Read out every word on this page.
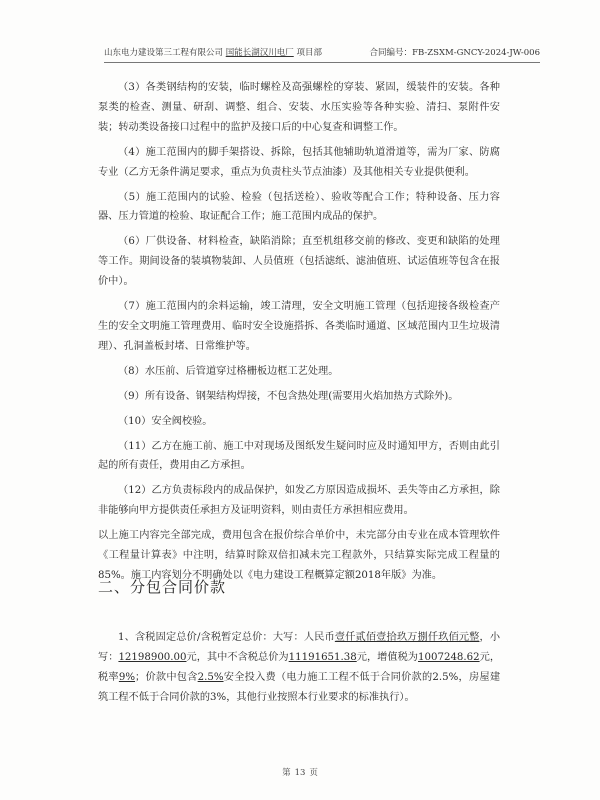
山东电力建设第三工程有限公司 国能长湖汉川电厂 项目部	合同编号：FB-ZSXM-GNCY-2024-JW-006

（3）各类钢结构的安装，临时螺栓及高强螺栓的穿装、紧固，缓装件的安装。各种泵类的检查、测量、研刮、调整、组合、安装、水压实验等各种实验、清扫、泵附件安装；转动类设备接口过程中的监护及接口后的中心复查和调整工作。

（4）施工范围内的脚手架搭设、拆除，包括其他辅助轨道滑道等，需为厂家、防腐专业（乙方无条件满足要求，重点为负责柱头节点油漆）及其他相关专业提供便利。

（5）施工范围内的试验、检验（包括送检）、验收等配合工作；特种设备、压力容器、压力管道的检验、取证配合工作；施工范围内成品的保护。

（6）厂供设备、材料检查，缺陷消除；直至机组移交前的修改、变更和缺陷的处理等工作。期间设备的装填物装卸、人员值班（包括滤纸、滤油值班、试运值班等包含在报价中）。

（7）施工范围内的余料运输，竣工清理，安全文明施工管理（包括迎接各级检查产生的安全文明施工管理费用、临时安全设施搭拆、各类临时通道、区域范围内卫生垃圾清理）、孔洞盖板封堵、日常维护等。

（8）水压前、后管道穿过格栅板边框工艺处理。

（9）所有设备、钢架结构焊接，不包含热处理(需要用火焰加热方式除外)。

（10）安全阀校验。

（11）乙方在施工前、施工中对现场及图纸发生疑问时应及时通知甲方，否则由此引起的所有责任，费用由乙方承担。

（12）乙方负责标段内的成品保护，如发乙方原因造成损坏、丢失等由乙方承担，除非能够向甲方提供责任承担方及证明资料，则由责任方承担相应费用。

以上施工内容完全部完成，费用包含在报价综合单价中，未完部分由专业在成本管理软件《工程量计算表》中注明，结算时除双倍扣减未完工程款外，只结算实际完成工程量的85%。施工内容划分不明确处以《电力建设工程概算定额2018年版》为准。

二、分包合同价款

1、含税固定总价/含税暂定总价：大写：人民币壹仟贰佰壹拾玖万捌仟玖佰元整，小写：12198900.00元，其中不含税总价为11191651.38元，增值税为1007248.62元，税率9%；价款中包含2.5%安全投入费（电力施工工程不低于合同价款的2.5%，房屋建筑工程不低于合同价款的3%，其他行业按照本行业要求的标准执行）。

第 13 页
